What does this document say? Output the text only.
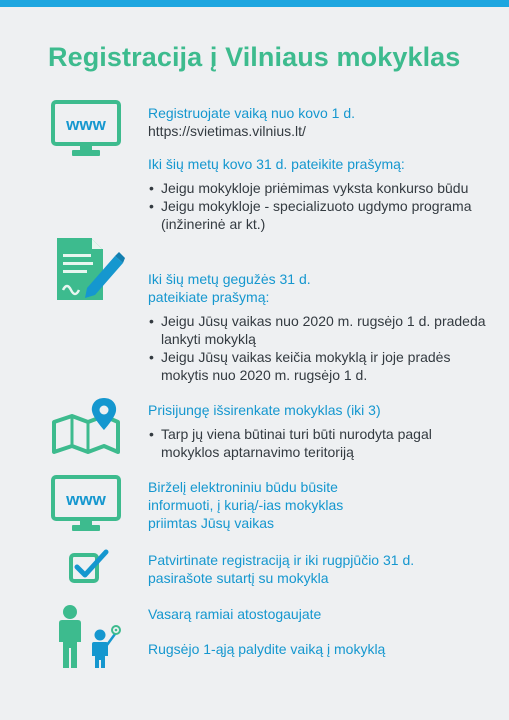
Registracija į Vilniaus mokyklas
www
www
Registruojate vaiką nuo kovo 1 d.
https://svietimas.vilnius.lt/
Iki šių metų kovo 31 d. pateikite prašymą:
• Jeigu mokykloje priėmimas vyksta konkurso būdu
• Jeigu mokykloje - specializuoto ugdymo programa (inžinerinė ar kt.)
Iki šių metų gegužės 31 d.
pateikiate prašymą:
• Jeigu Jūsų vaikas nuo 2020 m. rugsėjo 1 d. pradeda lankyti mokyklą
• Jeigu Jūsų vaikas keičia mokyklą ir joje pradės mokytis nuo 2020 m. rugsėjo 1 d.
Prisijungę išsirenkate mokyklas (iki 3)
• Tarp jų viena būtinai turi būti nurodyta pagal mokyklos aptarnavimo teritoriją
Birželį elektroniniu būdu būsite
informuoti, į kurią/-ias mokyklas
priimtas Jūsų vaikas
Patvirtinate registraciją ir iki rugpjūčio 31 d.
pasirašote sutartį su mokykla
Vasarą ramiai atostogaujate
Rugsėjo 1-ąją palydite vaiką į mokyklą
